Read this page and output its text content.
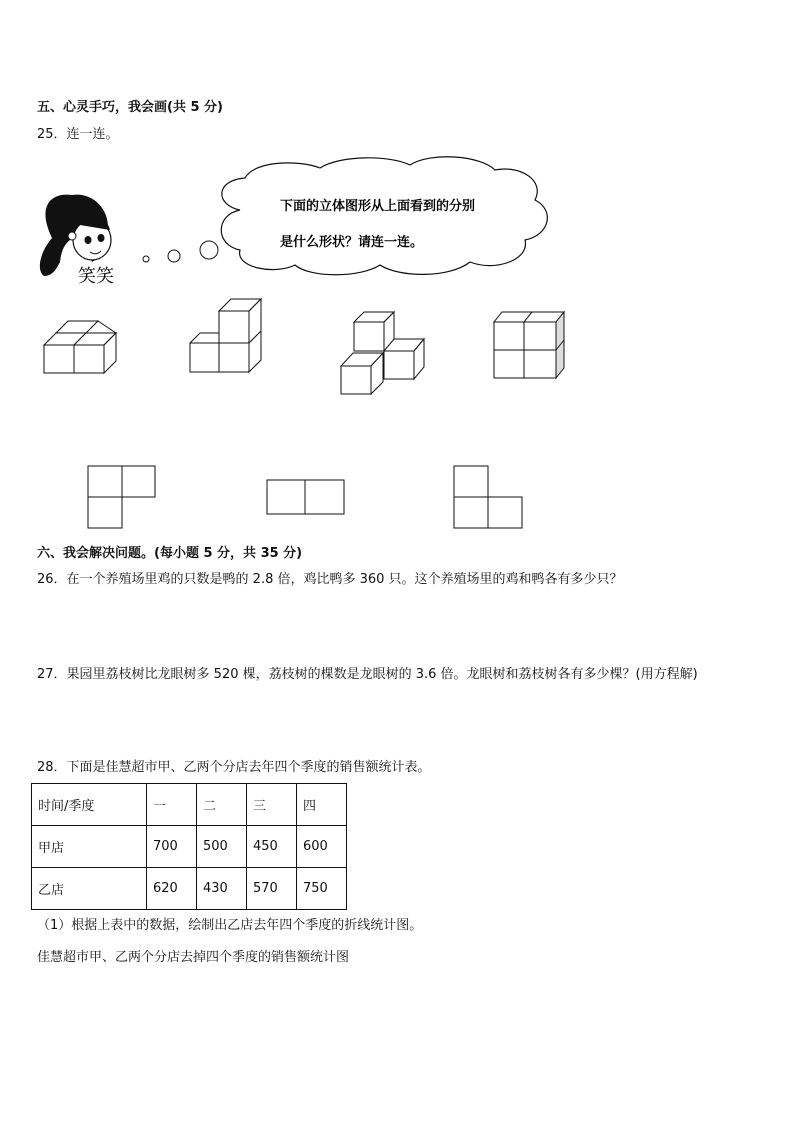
五、心灵手巧，我会画(共 5 分)
25．连一连。
笑笑
下面的立体图形从上面看到的分别
是什么形状？请连一连。
六、我会解决问题。(每小题 5 分，共 35 分)
26．在一个养殖场里鸡的只数是鸭的 2.8 倍，鸡比鸭多 360 只。这个养殖场里的鸡和鸭各有多少只？
27．果园里荔枝树比龙眼树多 520 棵，荔枝树的棵数是龙眼树的 3.6 倍。龙眼树和荔枝树各有多少棵？(用方程解)
28．下面是佳慧超市甲、乙两个分店去年四个季度的销售额统计表。
时间/季度	一	二	三	四
甲店	700	500	450	600
乙店	620	430	570	750
（1）根据上表中的数据，绘制出乙店去年四个季度的折线统计图。
佳慧超市甲、乙两个分店去掉四个季度的销售额统计图
